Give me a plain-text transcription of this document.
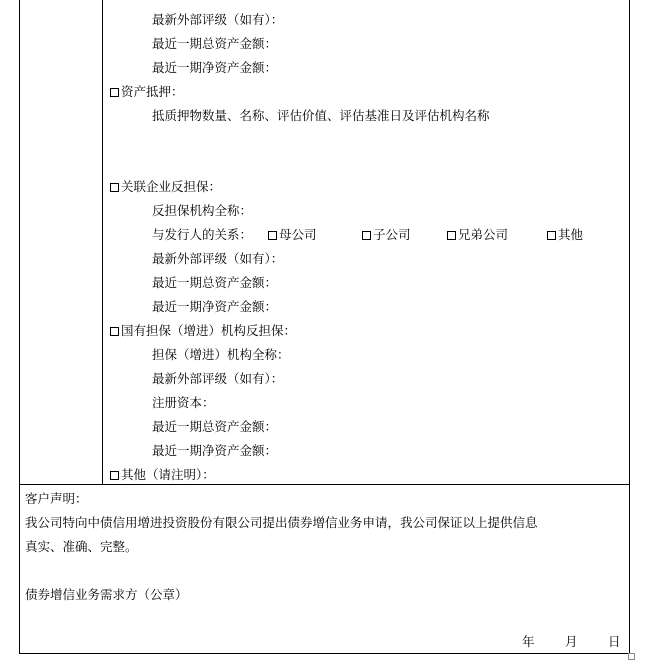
最新外部评级（如有）：
最近一期总资产金额：
最近一期净资产金额：
资产抵押：
抵质押物数量、名称、评估价值、评估基准日及评估机构名称
关联企业反担保：
反担保机构全称：
与发行人的关系：	母公司	子公司	兄弟公司	其他
最新外部评级（如有）：
最近一期总资产金额：
最近一期净资产金额：
国有担保（增进）机构反担保：
担保（增进）机构全称：
最新外部评级（如有）：
注册资本：
最近一期总资产金额：
最近一期净资产金额：
其他（请注明）：
客户声明：
我公司特向中债信用增进投资股份有限公司提出债券增信业务申请，我公司保证以上提供信息
真实、准确、完整。
债券增信业务需求方（公章）
年 月 日
